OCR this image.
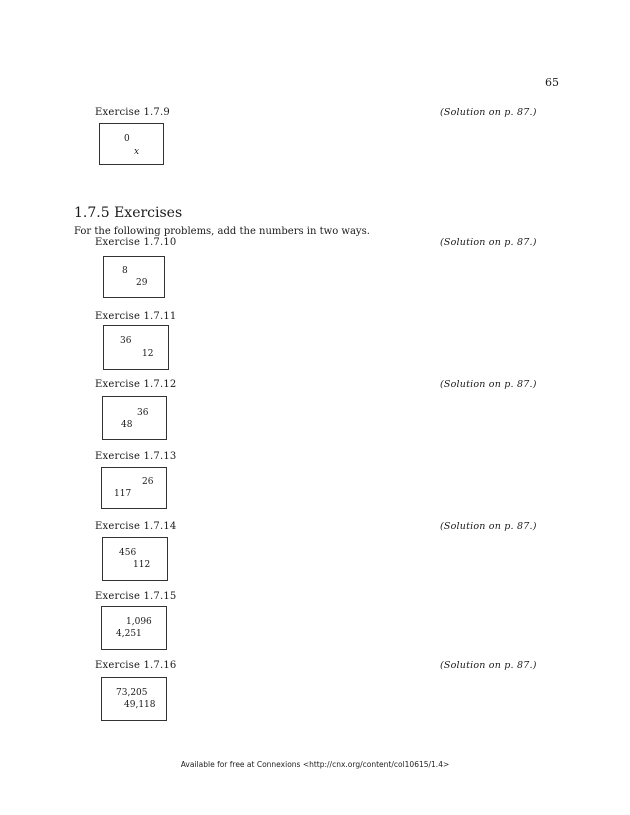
65
Exercise 1.7.9	(Solution on p. 87.)
0
x
1.7.5 Exercises
For the following problems, add the numbers in two ways.
Exercise 1.7.10	(Solution on p. 87.)
8
29
Exercise 1.7.11
36
12
Exercise 1.7.12	(Solution on p. 87.)
36
48
Exercise 1.7.13
26
117
Exercise 1.7.14	(Solution on p. 87.)
456
112
Exercise 1.7.15
1,096
4,251
Exercise 1.7.16	(Solution on p. 87.)
73,205
49,118
Available for free at Connexions <http://cnx.org/content/col10615/1.4>
